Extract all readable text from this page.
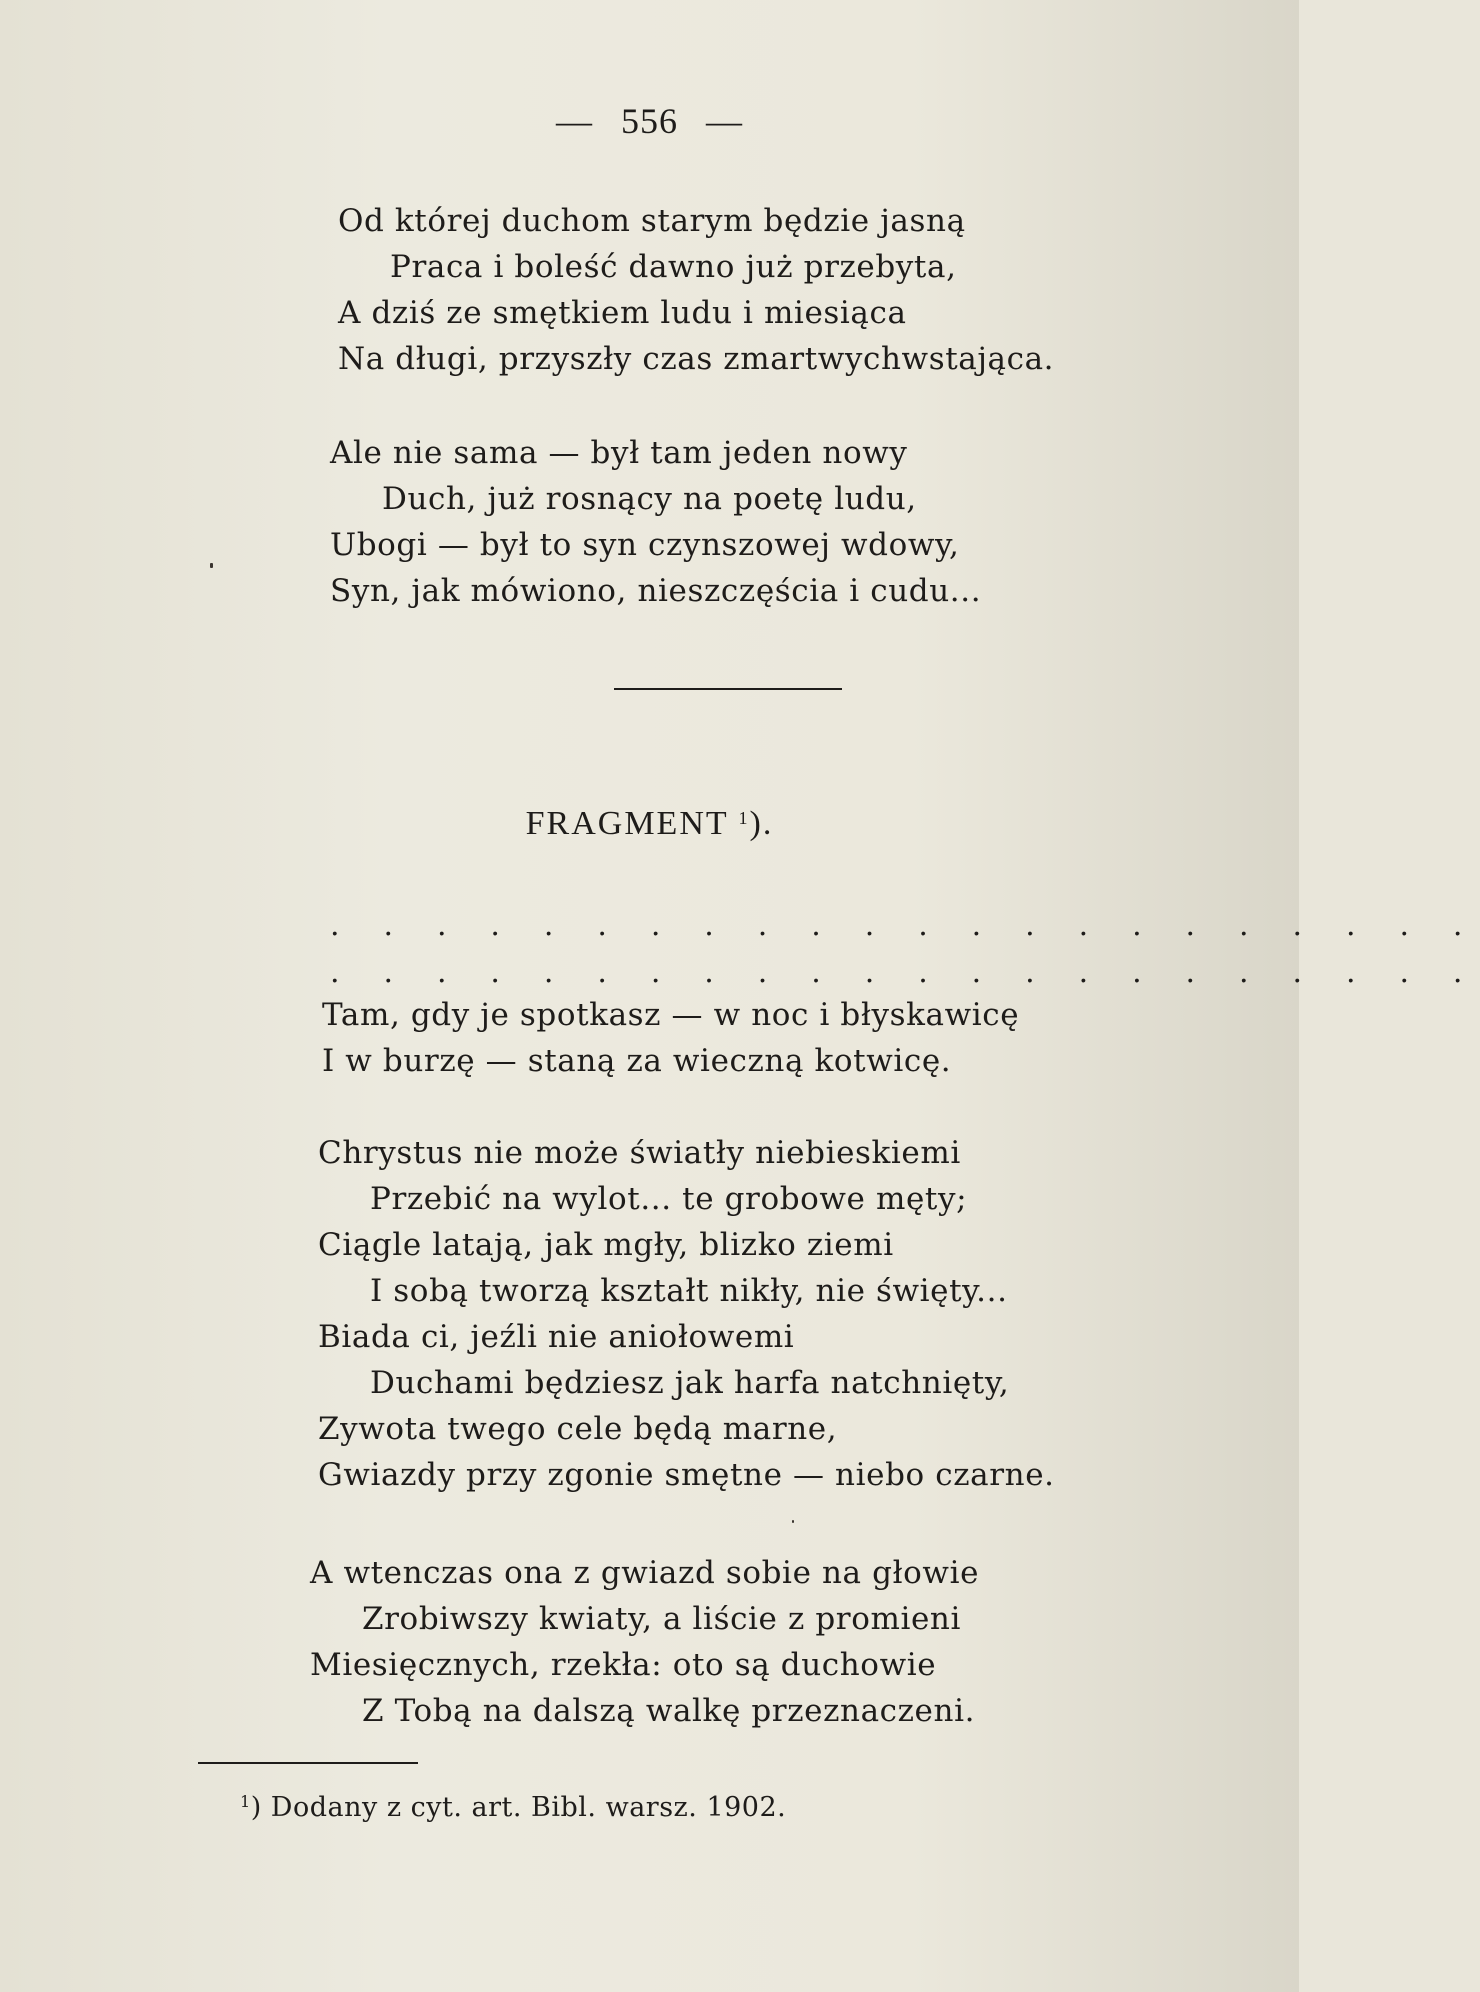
— 556 —
Od której duchom starym będzie jasną
Praca i boleść dawno już przebyta,
A dziś ze smętkiem ludu i miesiąca
Na długi, przyszły czas zmartwychwstająca.
Ale nie sama — był tam jeden nowy
Duch, już rosnący na poetę ludu,
Ubogi — był to syn czynszowej wdowy,
Syn, jak mówiono, nieszczęścia i cudu...
FRAGMENT $^1$).
. . . . . . . . . . . . . . . . . . . . . .
. . . . . . . . . . . . . . . . . . . . . .
Tam, gdy je spotkasz — w noc i błyskawicę
I w burzę — staną za wieczną kotwicę.
Chrystus nie może światły niebieskiemi
Przebić na wylot... te grobowe męty;
Ciągle latają, jak mgły, blizko ziemi
I sobą tworzą kształt nikły, nie święty...
Biada ci, jeźli nie aniołowemi
Duchami będziesz jak harfa natchnięty,
Zywota twego cele będą marne,
Gwiazdy przy zgonie smętne — niebo czarne.
A wtenczas ona z gwiazd sobie na głowie
Zrobiwszy kwiaty, a liście z promieni
Miesięcznych, rzekła: oto są duchowie
Z Tobą na dalszą walkę przeznaczeni.
$^1$) Dodany z cyt. art. Bibl. warsz. 1902.
